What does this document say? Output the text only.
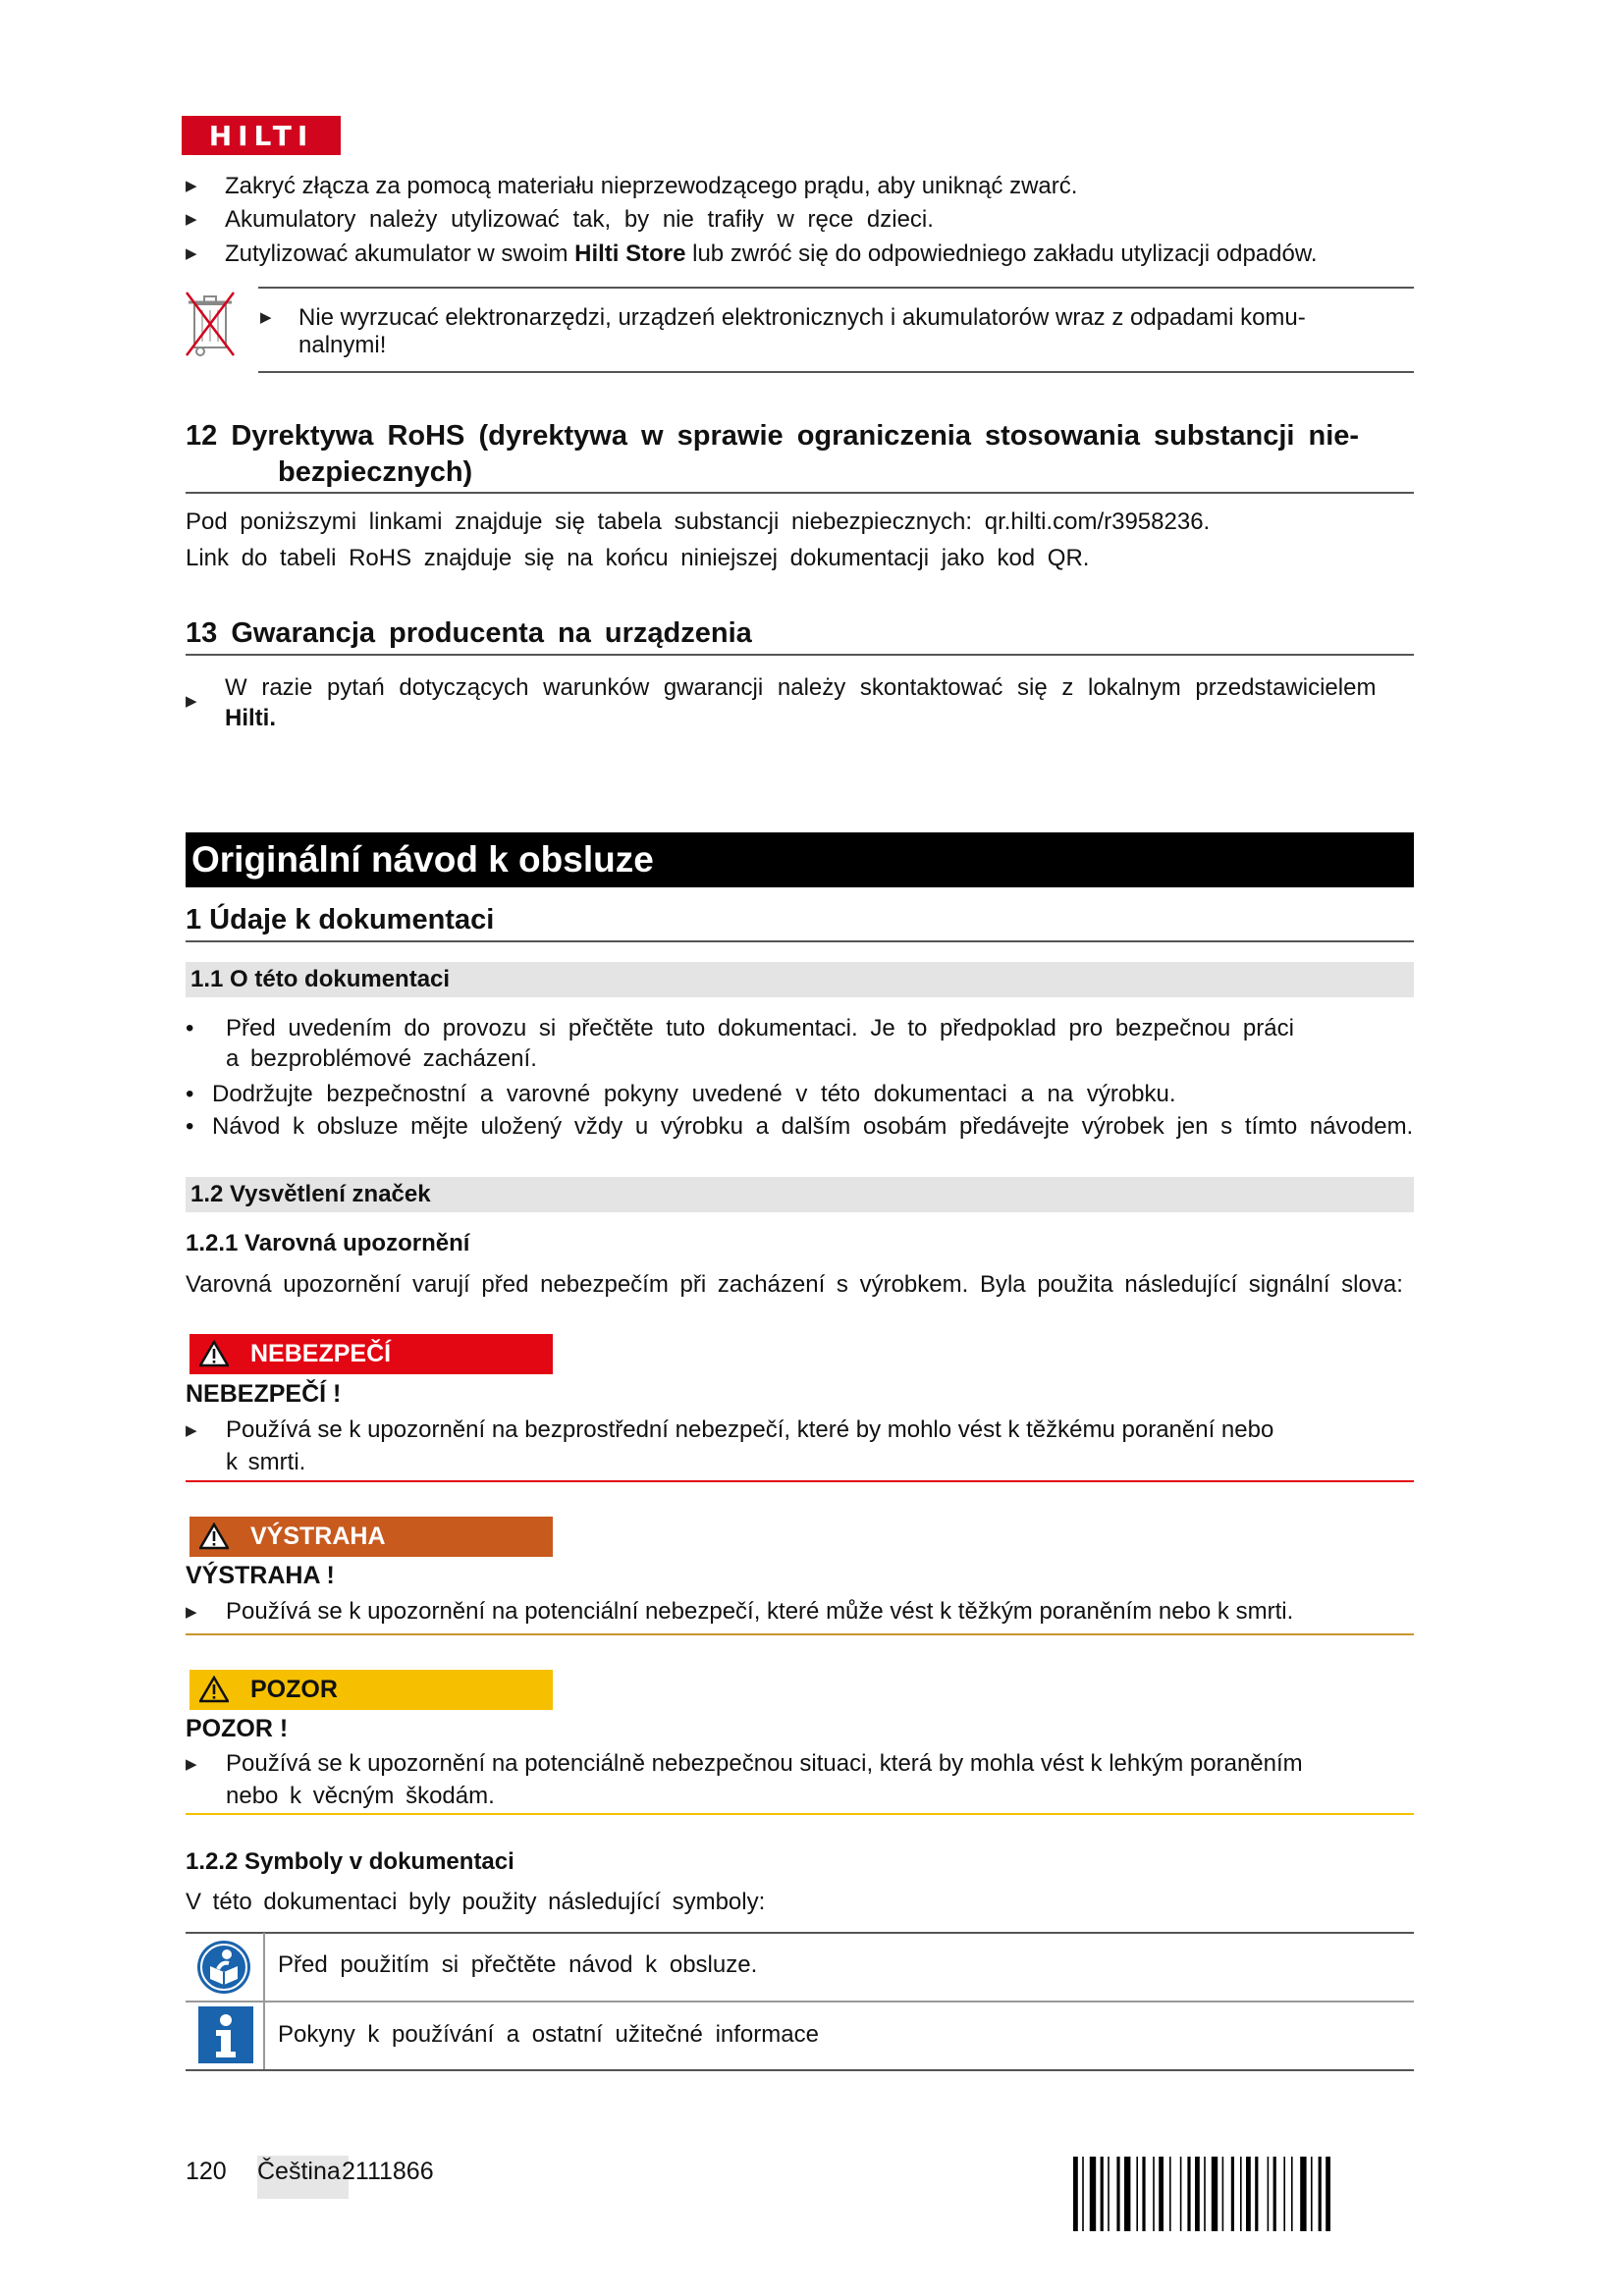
HILTI
▶ Zakryć złącza za pomocą materiału nieprzewodzącego prądu, aby uniknąć zwarć.
▶ Akumulatory należy utylizować tak, by nie trafiły w ręce dzieci.
▶ Zutylizować akumulator w swoim Hilti Store lub zwróć się do odpowiedniego zakładu utylizacji odpadów.
▶ Nie wyrzucać elektronarzędzi, urządzeń elektronicznych i akumulatorów wraz z odpadami komu-
nalnymi!
12 Dyrektywa RoHS (dyrektywa w sprawie ograniczenia stosowania substancji nie-
bezpiecznych)
Pod poniższymi linkami znajduje się tabela substancji niebezpiecznych: qr.hilti.com/r3958236.
Link do tabeli RoHS znajduje się na końcu niniejszej dokumentacji jako kod QR.
13 Gwarancja producenta na urządzenia
▶
W razie pytań dotyczących warunków gwarancji należy skontaktować się z lokalnym przedstawicielem
Hilti.
Originální návod k obsluze
1 Údaje k dokumentaci
1.1 O této dokumentaci
• Před uvedením do provozu si přečtěte tuto dokumentaci. Je to předpoklad pro bezpečnou práci
a bezproblémové zacházení.
• Dodržujte bezpečnostní a varovné pokyny uvedené v této dokumentaci a na výrobku.
• Návod k obsluze mějte uložený vždy u výrobku a dalším osobám předávejte výrobek jen s tímto návodem.
1.2 Vysvětlení značek
1.2.1 Varovná upozornění
Varovná upozornění varují před nebezpečím při zacházení s výrobkem. Byla použita následující signální slova:
NEBEZPEČÍ
NEBEZPEČÍ !
▶ Používá se k upozornění na bezprostřední nebezpečí, které by mohlo vést k těžkému poranění nebo
k smrti.
VÝSTRAHA
VÝSTRAHA !
▶ Používá se k upozornění na potenciální nebezpečí, které může vést k těžkým poraněním nebo k smrti.
POZOR
POZOR !
▶ Používá se k upozornění na potenciálně nebezpečnou situaci, která by mohla vést k lehkým poraněním
nebo k věcným škodám.
1.2.2 Symboly v dokumentaci
V této dokumentaci byly použity následující symboly:
Před použitím si přečtěte návod k obsluze.
Pokyny k používání a ostatní užitečné informace
120 Čeština 2111866
